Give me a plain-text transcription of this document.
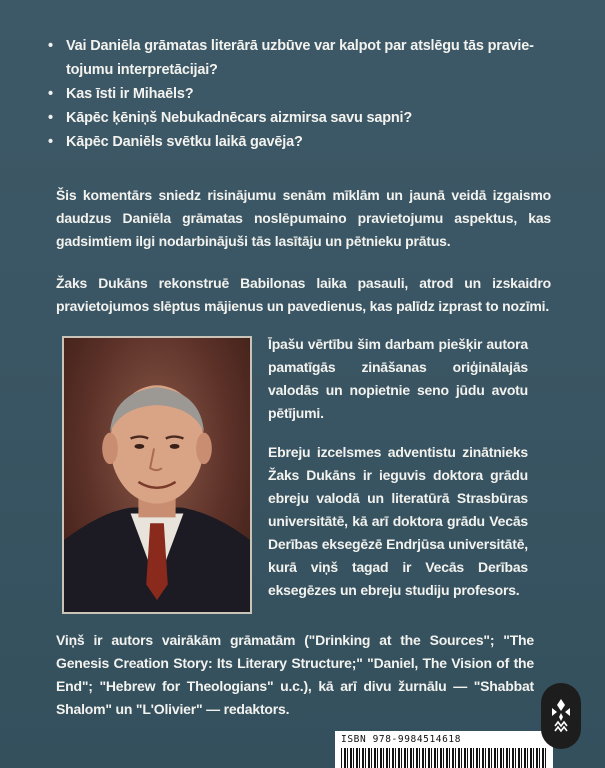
• Vai Daniēla grāmatas literārā uzbūve var kalpot par atslēgu tās pravie-tojumu interpretācijai?
• Kas īsti ir Mihaēls?
• Kāpēc ķēniņš Nebukadnēcars aizmirsa savu sapni?
• Kāpēc Daniēls svētku laikā gavēja?

Šis komentārs sniedz risinājumu senām mīklām un jaunā veidā izgaismo daudzus Daniēla grāmatas noslēpumaino pravietojumu aspektus, kas gadsimtiem ilgi nodarbinājuši tās lasītāju un pētnieku prātus.

Žaks Dukāns rekonstruē Babilonas laika pasauli, atrod un izskaidro pravietojumos slēptus mājienus un pavedienus, kas palīdz izprast to nozīmi.

Īpašu vērtību šim darbam piešķir autora pamatīgās zināšanas oriģinālajās valodās un nopietnie seno jūdu avotu pētījumi.

Ebreju izcelsmes adventistu zinātnieks Žaks Dukāns ir ieguvis doktora grādu ebreju valodā un literatūrā Strasbūras universitātē, kā arī doktora grādu Vecās Derības eksegēzē Endrjūsa universitātē, kurā viņš tagad ir Vecās Derības eksegēzes un ebreju studiju profesors.

Viņš ir autors vairākām grāmatām ("Drinking at the Sources"; "The Genesis Creation Story: Its Literary Structure;" "Daniel, The Vision of the End"; "Hebrew for Theologians" u.c.), kā arī divu žurnālu — "Shabbat Shalom" un "L'Olivier" — redaktors.

ISBN 978-9984514618
